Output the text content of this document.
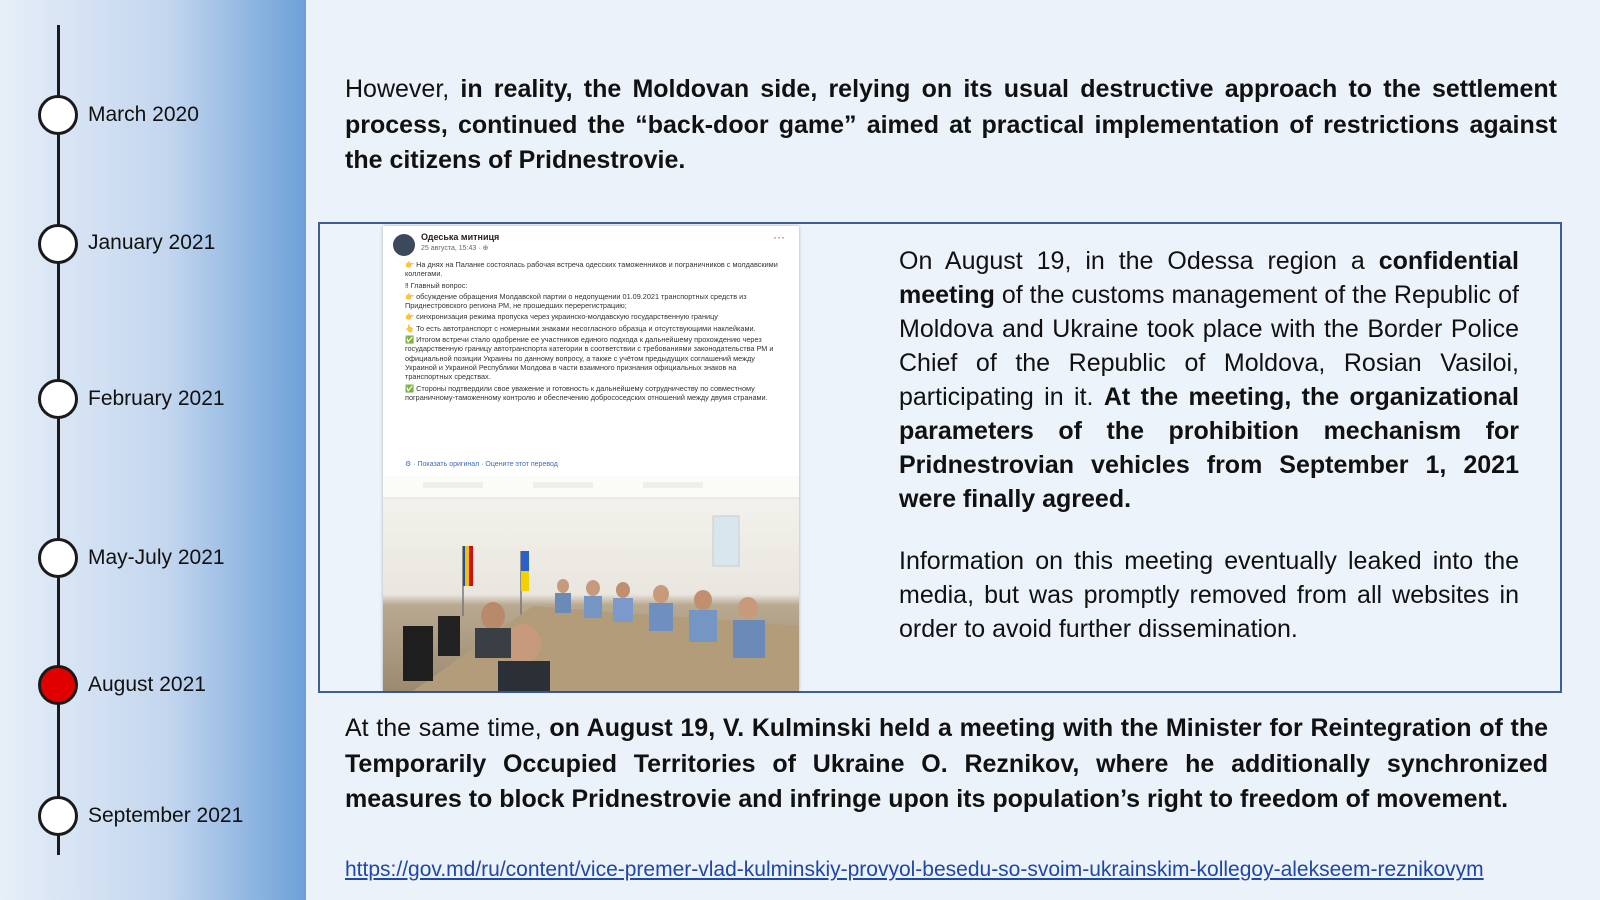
March 2020
January 2021
February 2021
May-July 2021
August 2021
September 2021
However, in reality, the Moldovan side, relying on its usual destructive approach to the settlement process, continued the “back-door game” aimed at practical implementation of restrictions against the citizens of Pridnestrovie.
Одеська митниця
25 августа, 15:43 · ⊕
···

👉 На днях на Паланке состоялась рабочая встреча одесских таможенников и пограничников с молдавскими коллегами.

‼ Главный вопрос:

👉 обсуждение обращения Молдавской партии о недопущении 01.09.2021 транспортных средств из Приднестровского региона РМ, не прошедших перерегистрацию;

👉 синхронизация режима пропуска через украинско-молдавскую государственную границу

👆 То есть автотранспорт с номерными знаками несогласного образца и отсутствующими наклейками.

✅ Итогом встречи стало одобрение ее участников единого подхода к дальнейшему прохождению через государственную границу автотранспорта категории в соответствии с требованиями законодательства РМ и официальной позиции Украины по данному вопросу, а также с учётом предыдущих соглашений между Украиной и Украиной Республики Молдова в части взаимного признания официальных знаков на транспортных средствах.

✅ Стороны подтвердили свое уважение и готовность к дальнейшему сотрудничеству по совместному пограничному-таможенному контролю и обеспечению добрососедских отношений между двумя странами.

⚙ · Показать оригинал · Оцените этот перевод
On August 19, in the Odessa region a confidential meeting of the customs management of the Republic of Moldova and Ukraine took place with the Border Police Chief of the Republic of Moldova, Rosian Vasiloi, participating in it. At the meeting, the organizational parameters of the prohibition mechanism for Pridnestrovian vehicles from September 1, 2021 were finally agreed.
Information on this meeting eventually leaked into the media, but was promptly removed from all websites in order to avoid further dissemination.
At the same time, on August 19, V. Kulminski held a meeting with the Minister for Reintegration of the Temporarily Occupied Territories of Ukraine O. Reznikov, where he additionally synchronized measures to block Pridnestrovie and infringe upon its population’s right to freedom of movement.
https://gov.md/ru/content/vice-premer-vlad-kulminskiy-provyol-besedu-so-svoim-ukrainskim-kollegoy-alekseem-reznikovym
